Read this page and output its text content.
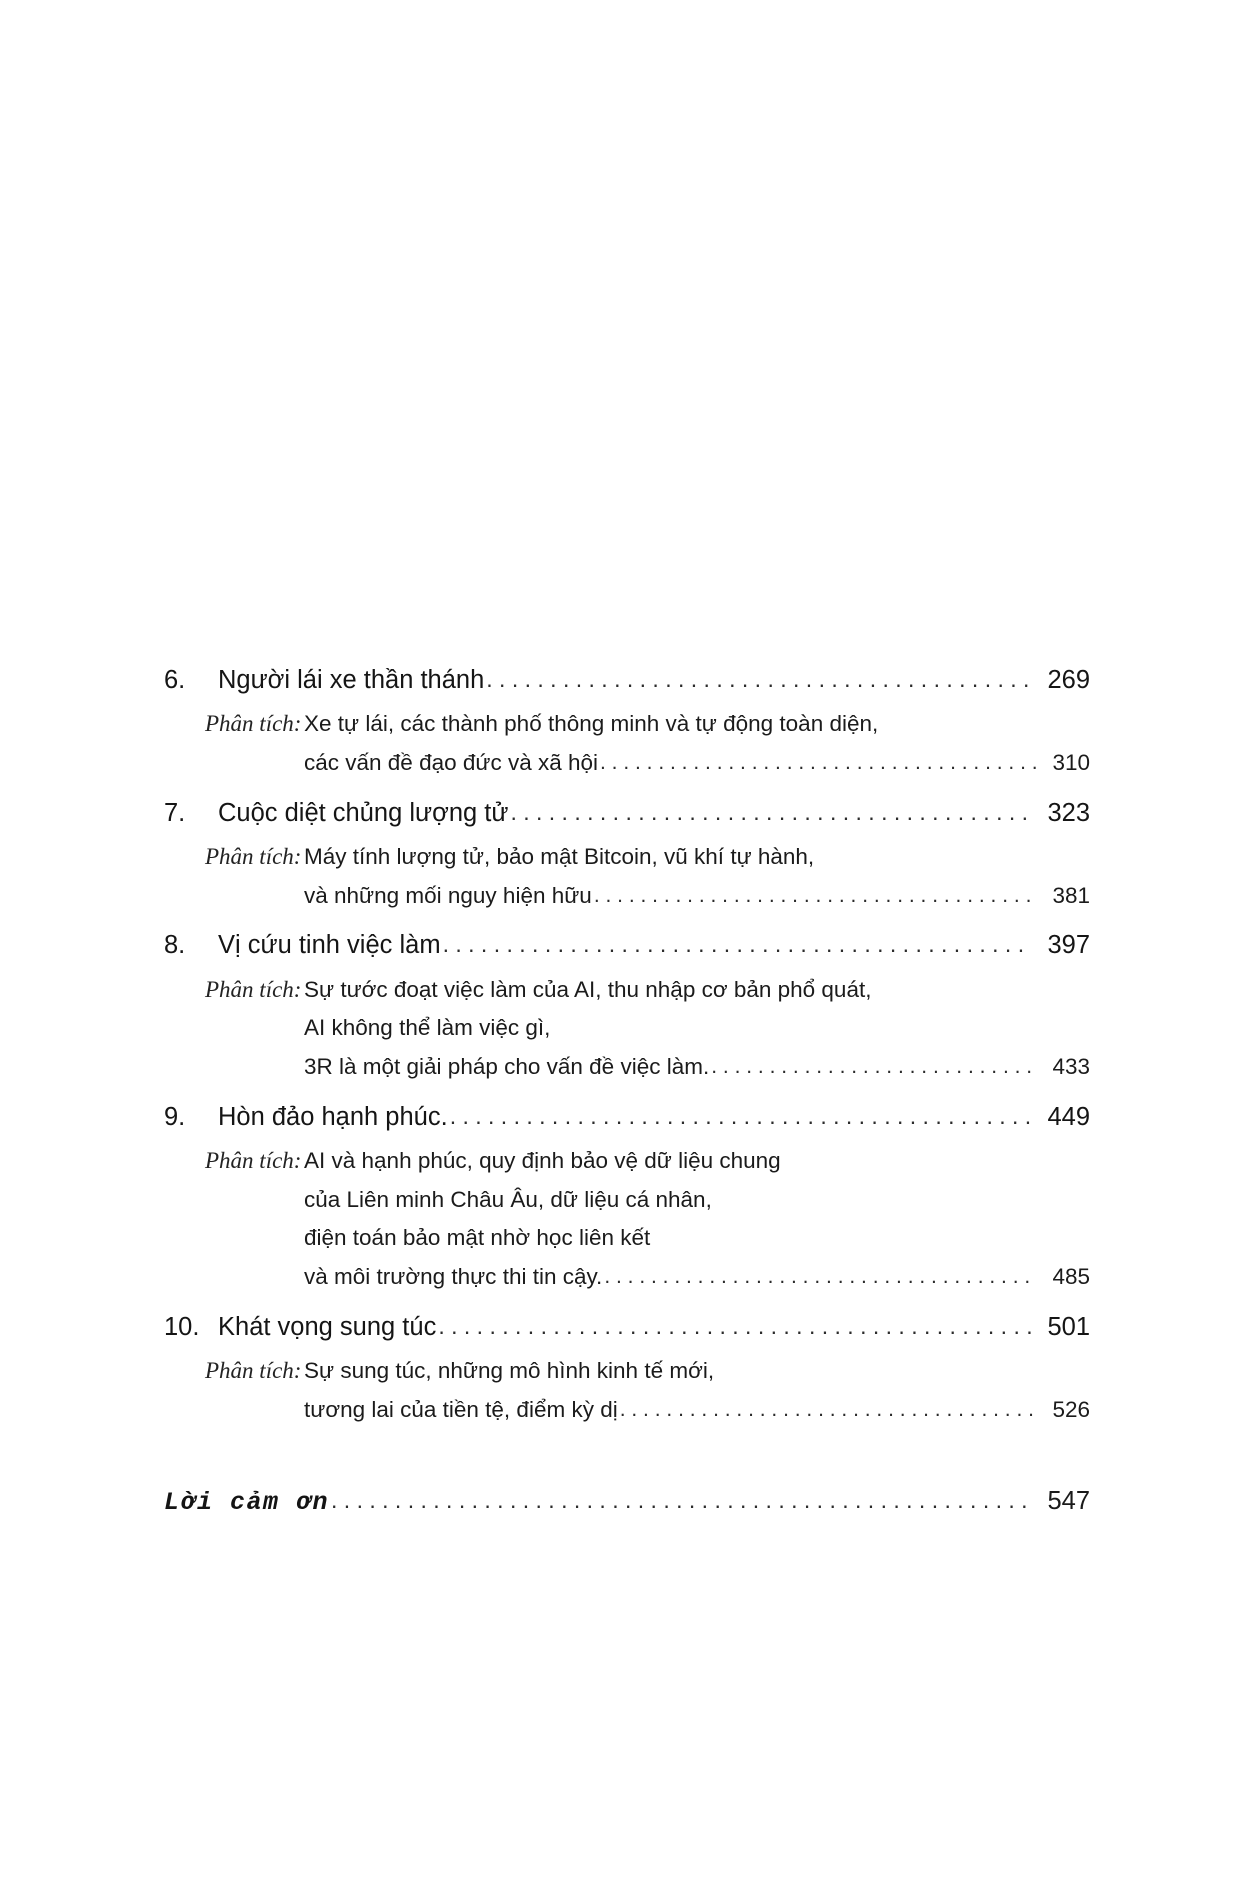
6.	Người lái xe thần thánh . . .	269
Phân tích: Xe tự lái, các thành phố thông minh và tự động toàn diện,
các vấn đề đạo đức và xã hội . . .	310
7.	Cuộc diệt chủng lượng tử . . .	323
Phân tích: Máy tính lượng tử, bảo mật Bitcoin, vũ khí tự hành,
và những mối nguy hiện hữu . . .	381
8.	Vị cứu tinh việc làm . . .	397
Phân tích: Sự tước đoạt việc làm của AI, thu nhập cơ bản phổ quát,
AI không thể làm việc gì,
3R là một giải pháp cho vấn đề việc làm. . . .	433
9.	Hòn đảo hạnh phúc. . . .	449
Phân tích: AI và hạnh phúc, quy định bảo vệ dữ liệu chung
của Liên minh Châu Âu, dữ liệu cá nhân,
điện toán bảo mật nhờ học liên kết
và môi trường thực thi tin cậy. . . .	485
10. Khát vọng sung túc . . .	501
Phân tích: Sự sung túc, những mô hình kinh tế mới,
tương lai của tiền tệ, điểm kỳ dị . . .	526
Lời cảm ơn . . .	547
